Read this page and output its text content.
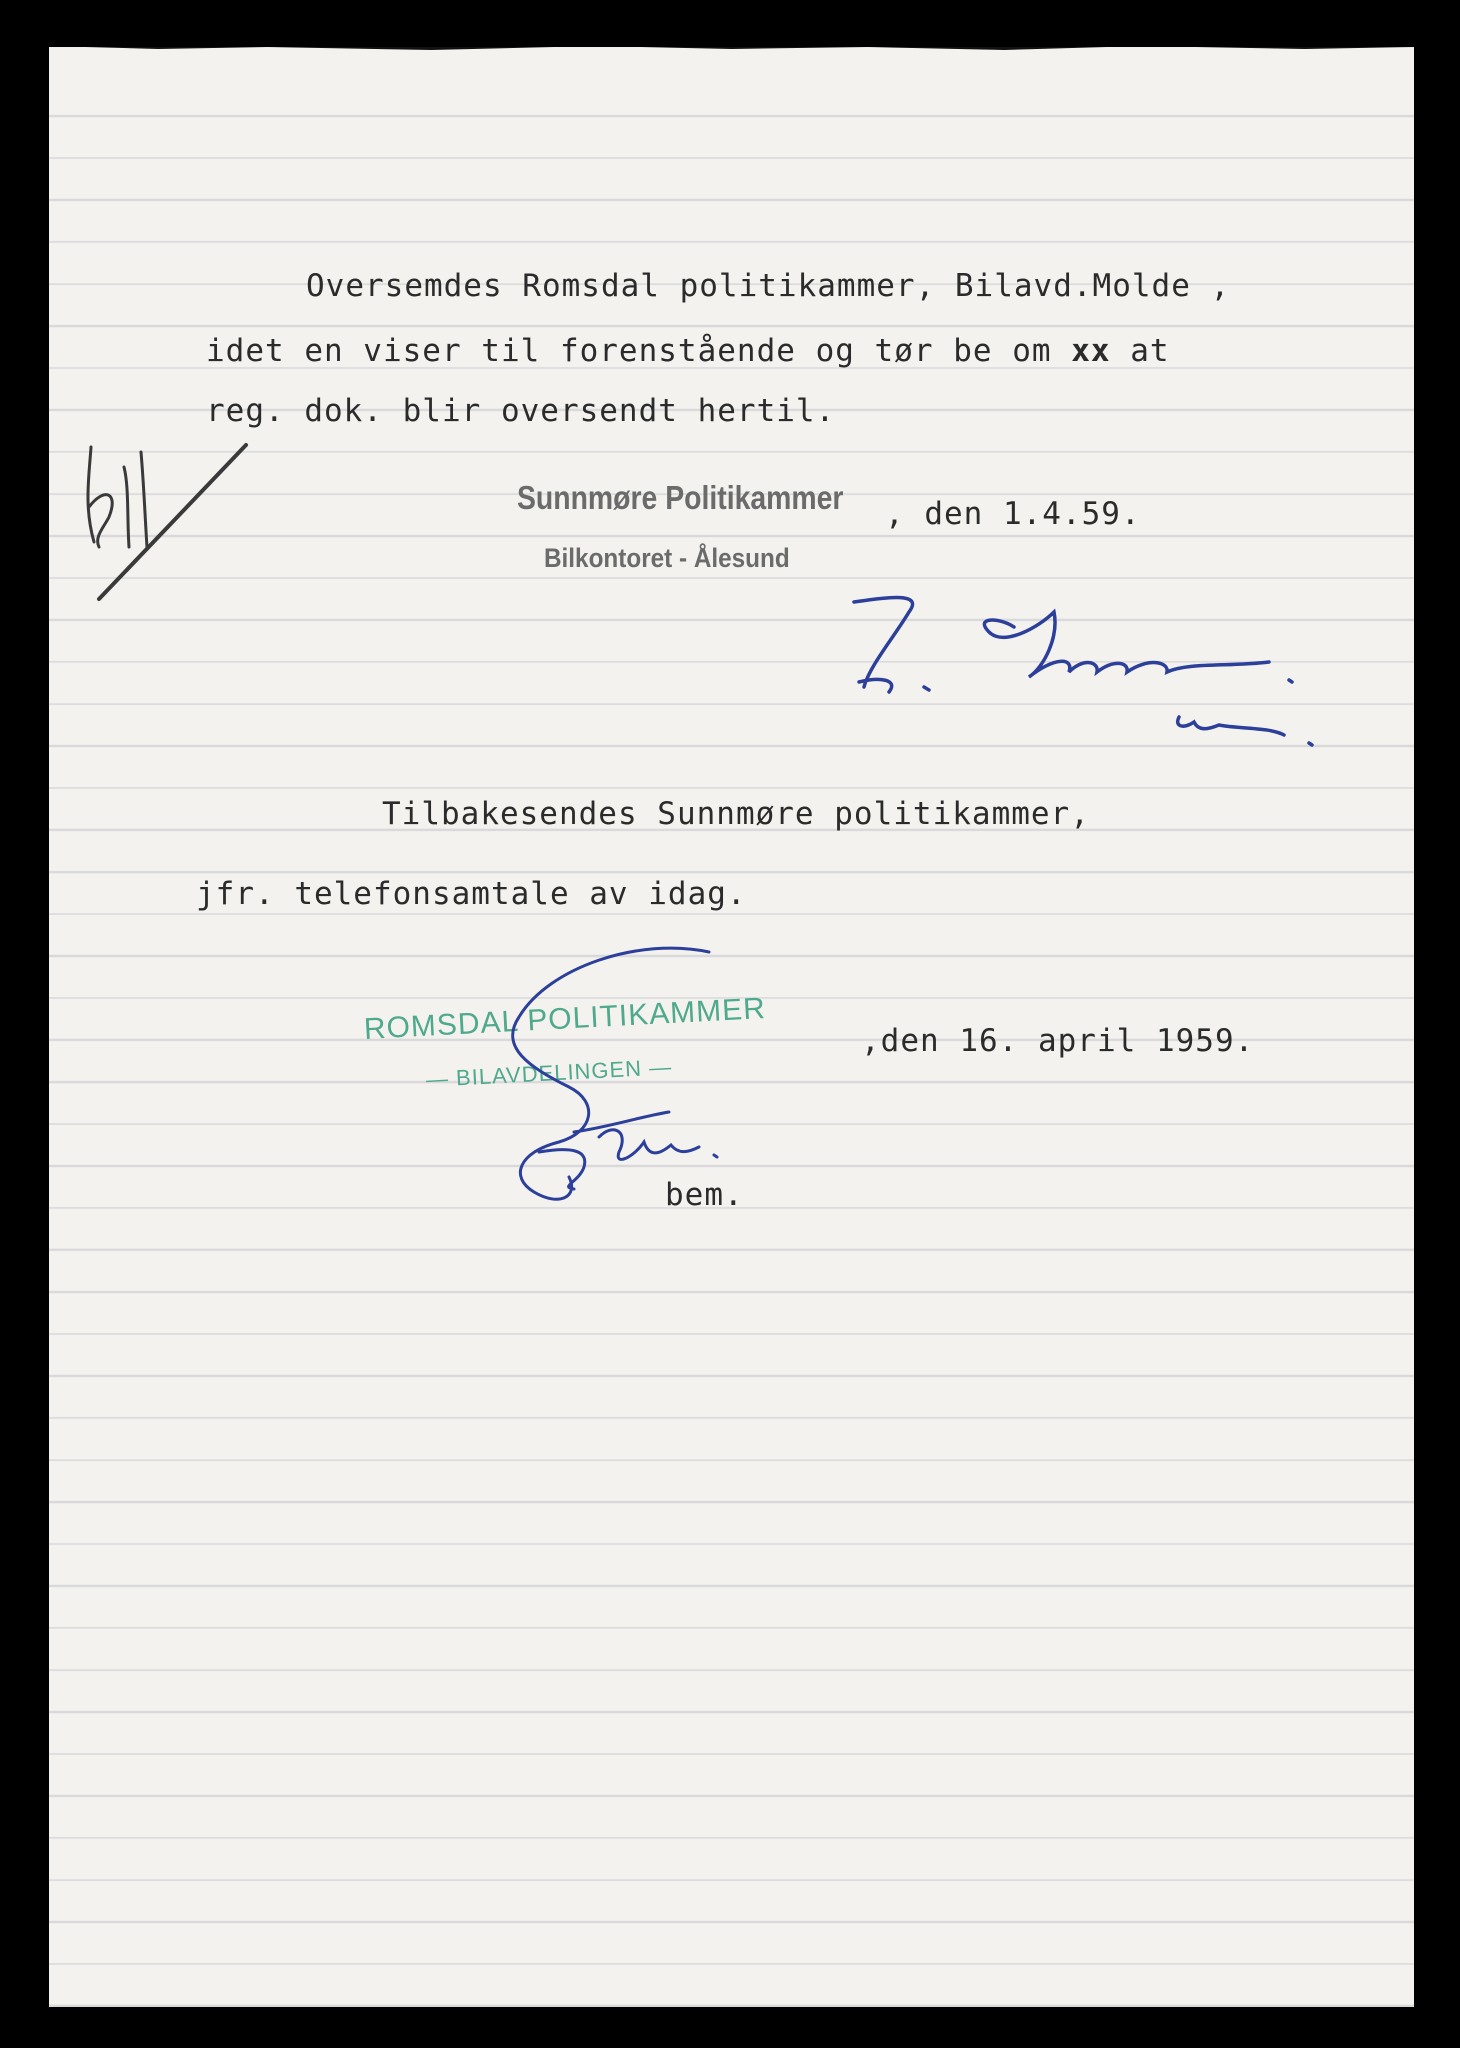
Oversemdes Romsdal politikammer, Bilavd.Molde ,

idet en viser til forenstående og tør be om xx at

reg. dok. blir oversendt hertil.

Sunnmøre Politikammer

Bilkontoret - Ålesund

, den 1.4.59.

Tilbakesendes Sunnmøre politikammer,

jfr. telefonsamtale av idag.

ROMSDAL POLITIKAMMER

— BILAVDELINGEN —

,den 16. april 1959.

bem.
